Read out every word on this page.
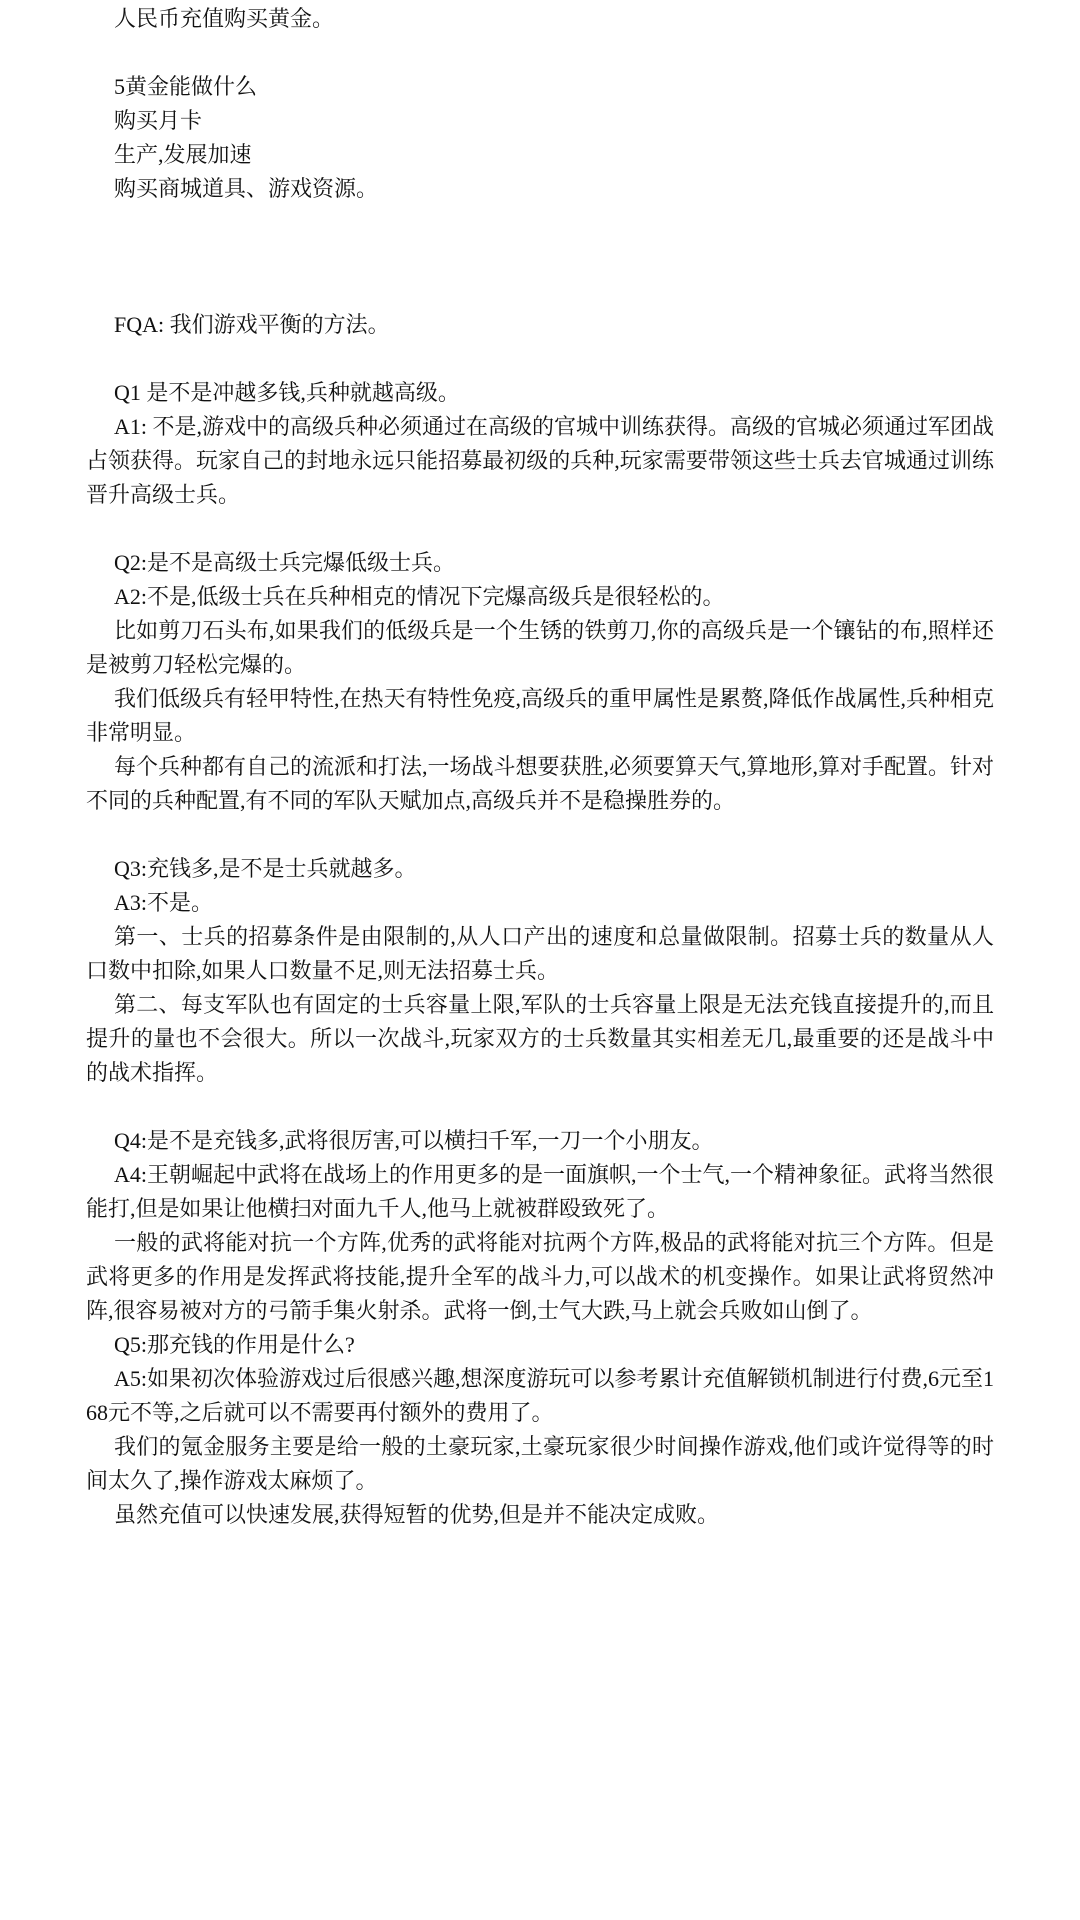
人民币充值购买黄金。

5黄金能做什么

购买月卡

生产,发展加速

购买商城道具、游戏资源。

FQA: 我们游戏平衡的方法。

Q1 是不是冲越多钱,兵种就越高级。

A1: 不是,游戏中的高级兵种必须通过在高级的官城中训练获得。高级的官城必须通过军团战占领获得。玩家自己的封地永远只能招募最初级的兵种,玩家需要带领这些士兵去官城通过训练晋升高级士兵。

Q2:是不是高级士兵完爆低级士兵。

A2:不是,低级士兵在兵种相克的情况下完爆高级兵是很轻松的。

比如剪刀石头布,如果我们的低级兵是一个生锈的铁剪刀,你的高级兵是一个镶钻的布,照样还是被剪刀轻松完爆的。

我们低级兵有轻甲特性,在热天有特性免疫,高级兵的重甲属性是累赘,降低作战属性,兵种相克非常明显。

每个兵种都有自己的流派和打法,一场战斗想要获胜,必须要算天气,算地形,算对手配置。针对不同的兵种配置,有不同的军队天赋加点,高级兵并不是稳操胜券的。

Q3:充钱多,是不是士兵就越多。

A3:不是。

第一、士兵的招募条件是由限制的,从人口产出的速度和总量做限制。招募士兵的数量从人口数中扣除,如果人口数量不足,则无法招募士兵。

第二、每支军队也有固定的士兵容量上限,军队的士兵容量上限是无法充钱直接提升的,而且提升的量也不会很大。所以一次战斗,玩家双方的士兵数量其实相差无几,最重要的还是战斗中的战术指挥。

Q4:是不是充钱多,武将很厉害,可以横扫千军,一刀一个小朋友。

A4:王朝崛起中武将在战场上的作用更多的是一面旗帜,一个士气,一个精神象征。武将当然很能打,但是如果让他横扫对面九千人,他马上就被群殴致死了。

一般的武将能对抗一个方阵,优秀的武将能对抗两个方阵,极品的武将能对抗三个方阵。但是武将更多的作用是发挥武将技能,提升全军的战斗力,可以战术的机变操作。如果让武将贸然冲阵,很容易被对方的弓箭手集火射杀。武将一倒,士气大跌,马上就会兵败如山倒了。

Q5:那充钱的作用是什么?

A5:如果初次体验游戏过后很感兴趣,想深度游玩可以参考累计充值解锁机制进行付费,6元至168元不等,之后就可以不需要再付额外的费用了。

我们的氪金服务主要是给一般的土豪玩家,土豪玩家很少时间操作游戏,他们或许觉得等的时间太久了,操作游戏太麻烦了。

虽然充值可以快速发展,获得短暂的优势,但是并不能决定成败。
